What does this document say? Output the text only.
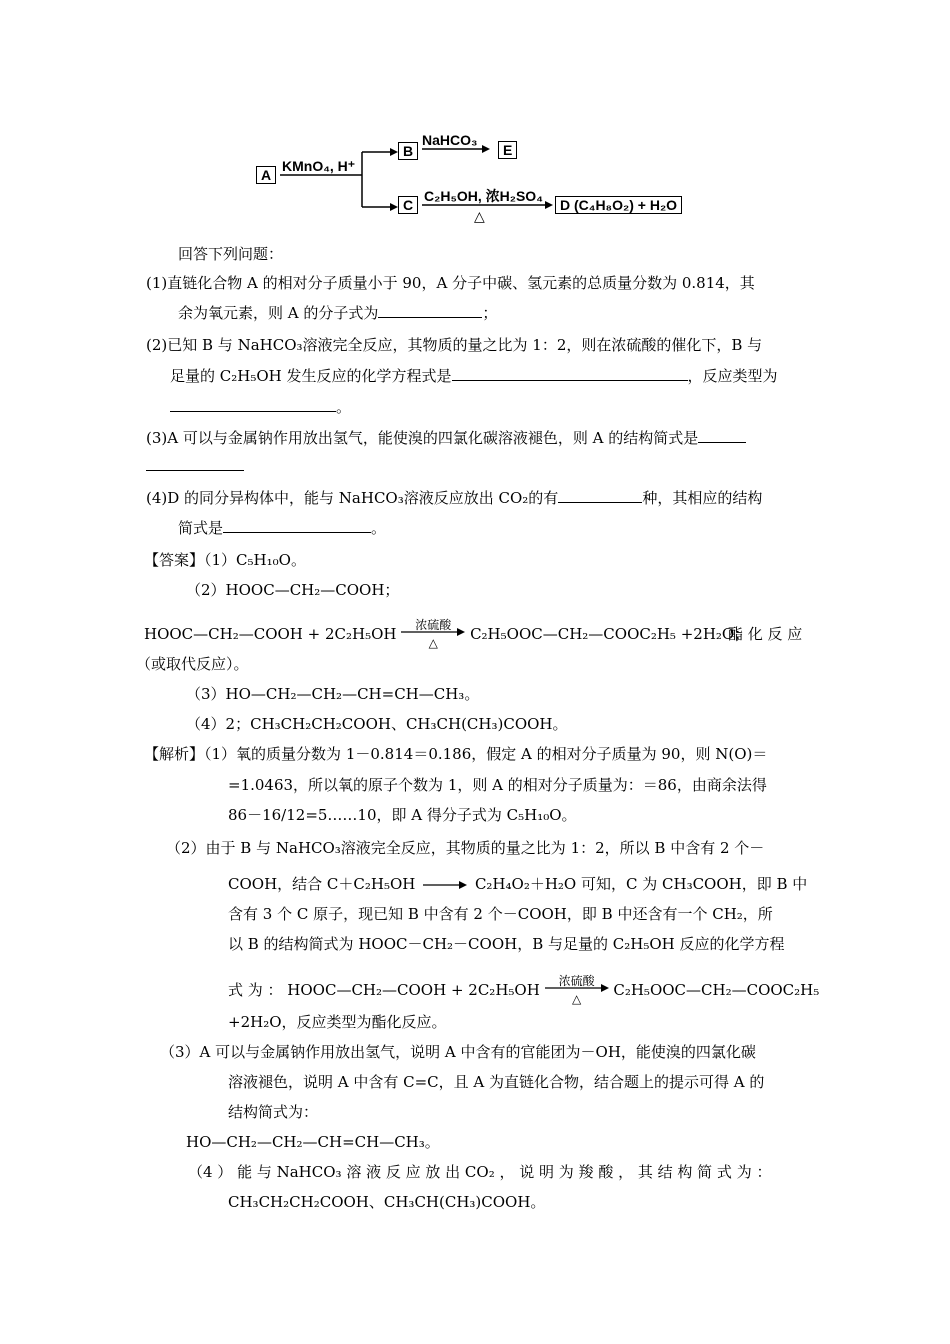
A
KMnO₄, H⁺
B
NaHCO₃
E
C
C₂H₅OH, 浓H₂SO₄
△
D (C₄H₈O₂) + H₂O
回答下列问题：
(1)直链化合物 A 的相对分子质量小于 90，A 分子中碳、氢元素的总质量分数为 0.814，其
余为氧元素，则 A 的分子式为	；
(2)已知 B 与 NaHCO₃溶液完全反应，其物质的量之比为 1：2，则在浓硫酸的催化下，B 与
足量的 C₂H₅OH 发生反应的化学方程式是	，反应类型为
。
(3)A 可以与金属钠作用放出氢气，能使溴的四氯化碳溶液褪色，则 A 的结构简式是
(4)D 的同分异构体中，能与 NaHCO₃溶液反应放出 CO₂的有	种，其相应的结构
简式是	。
【答案】（1）C₅H₁₀O。
（2）HOOC—CH₂—COOH；
HOOC—CH₂—COOH + 2C₂H₅OH	浓硫酸
△	C₂H₅OOC—CH₂—COOC₂H₅ +2H₂O；
酯 化 反 应
（或取代反应）。
（3）HO—CH₂—CH₂—CH=CH—CH₃。
（4）2；CH₃CH₂CH₂COOH、CH₃CH(CH₃)COOH。
【解析】（1）氧的质量分数为 1－0.814＝0.186，假定 A 的相对分子质量为 90，则 N(O)＝
=1.0463，所以氧的原子个数为 1，则 A 的相对分子质量为：＝86，由商余法得
86－16/12=5……10，即 A 得分子式为 C₅H₁₀O。
（2）由于 B 与 NaHCO₃溶液完全反应，其物质的量之比为 1：2，所以 B 中含有 2 个－
COOH，结合 C＋C₂H₅OH	C₂H₄O₂＋H₂O 可知，C 为 CH₃COOH，即 B 中
含有 3 个 C 原子，现已知 B 中含有 2 个－COOH，即 B 中还含有一个 CH₂，所
以 B 的结构简式为 HOOC－CH₂－COOH，B 与足量的 C₂H₅OH 反应的化学方程
式 为 ： HOOC—CH₂—COOH + 2C₂H₅OH	浓硫酸
△	C₂H₅OOC—CH₂—COOC₂H₅
+2H₂O，反应类型为酯化反应。
（3）A 可以与金属钠作用放出氢气，说明 A 中含有的官能团为－OH，能使溴的四氯化碳
溶液褪色，说明 A 中含有 C=C，且 A 为直链化合物，结合题上的提示可得 A 的
结构简式为：
HO—CH₂—CH₂—CH=CH—CH₃。
（4 ） 能 与 NaHCO₃ 溶 液 反 应 放 出 CO₂ ， 说 明 为 羧 酸 ， 其 结 构 简 式 为 ：
CH₃CH₂CH₂COOH、CH₃CH(CH₃)COOH。
